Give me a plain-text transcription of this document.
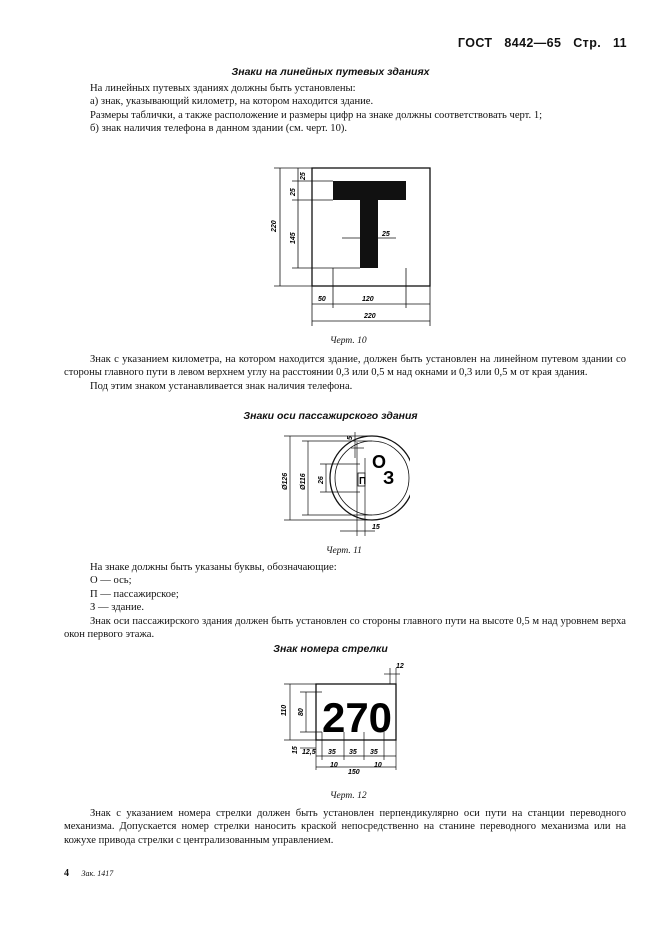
ГОСТ 8442—65 Стр. 11
Знаки на линейных путевых зданиях

На линейных путевых зданиях должны быть установлены:

а) знак, указывающий километр, на котором находится здание.

Размеры таблички, а также расположение и размеры цифр на знаке должны соответствовать черт. 1;

б) знак наличия телефона в данном здании (см. черт. 10).

220
145
25
25
25
50	120
220
Черт. 10

Знак с указанием километра, на котором находится здание, должен быть установлен на линейном путевом здании со стороны главного пути в левом верхнем углу на расстоянии 0,3 или 0,5 м над окнами и 0,3 или 0,5 м от края здания.

Под этим знаком устанавливается знак наличия телефона.

Знаки оси пассажирского здания
П
О
З
Ø126 Ø116 26
5
15
Черт. 11

На знаке должны быть указаны буквы, обозначающие:

О — ось;

П — пассажирское;

З — здание.

Знак оси пассажирского здания должен быть установлен со стороны главного пути на высоте 0,5 м над уровнем верха окон первого этажа.

Знак номера стрелки
270
110 80
15
12
12,5 35 35 35
10	10
150
Черт. 12

Знак с указанием номера стрелки должен быть установлен перпендикулярно оси пути на станции переводного механизма. Допускается номер стрелки наносить краской непосредственно на станине переводного механизма или на кожухе привода стрелки с централизованным управлением.

4 Зак. 1417
